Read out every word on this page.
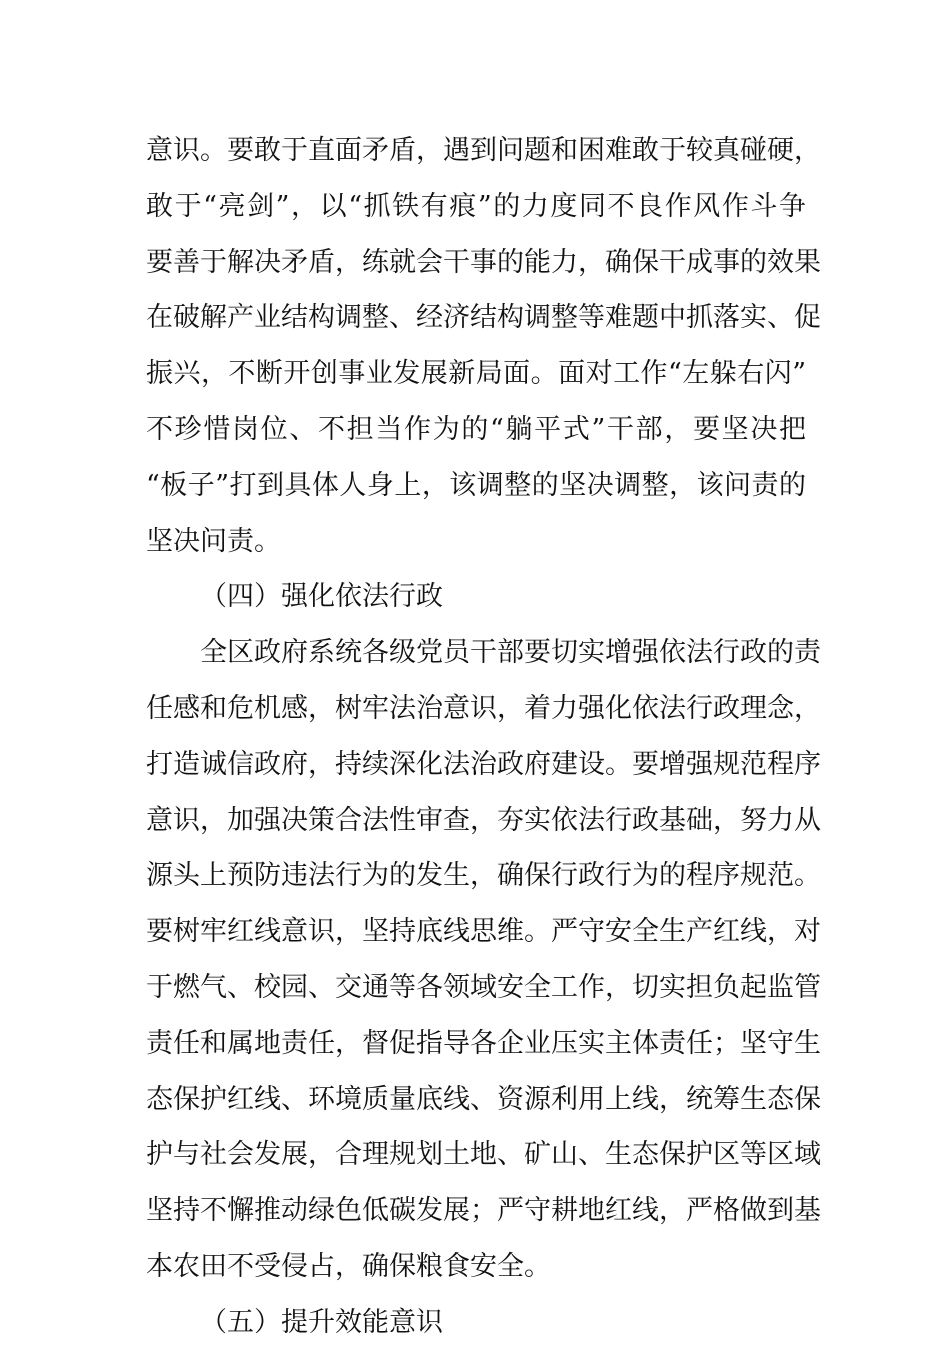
意识。要敢于直面矛盾，遇到问题和困难敢于较真碰硬，
敢于“亮剑”，以“抓铁有痕”的力度同不良作风作斗争
要善于解决矛盾，练就会干事的能力，确保干成事的效果
在破解产业结构调整、经济结构调整等难题中抓落实、促
振兴，不断开创事业发展新局面。面对工作“左躲右闪”
不珍惜岗位、不担当作为的“躺平式”干部，要坚决把
“板子”打到具体人身上，该调整的坚决调整，该问责的
坚决问责。
（四）强化依法行政
全区政府系统各级党员干部要切实增强依法行政的责
任感和危机感，树牢法治意识，着力强化依法行政理念，
打造诚信政府，持续深化法治政府建设。要增强规范程序
意识，加强决策合法性审查，夯实依法行政基础，努力从
源头上预防违法行为的发生，确保行政行为的程序规范。
要树牢红线意识，坚持底线思维。严守安全生产红线，对
于燃气、校园、交通等各领域安全工作，切实担负起监管
责任和属地责任，督促指导各企业压实主体责任；坚守生
态保护红线、环境质量底线、资源利用上线，统筹生态保
护与社会发展，合理规划土地、矿山、生态保护区等区域
坚持不懈推动绿色低碳发展；严守耕地红线，严格做到基
本农田不受侵占，确保粮食安全。
（五）提升效能意识
